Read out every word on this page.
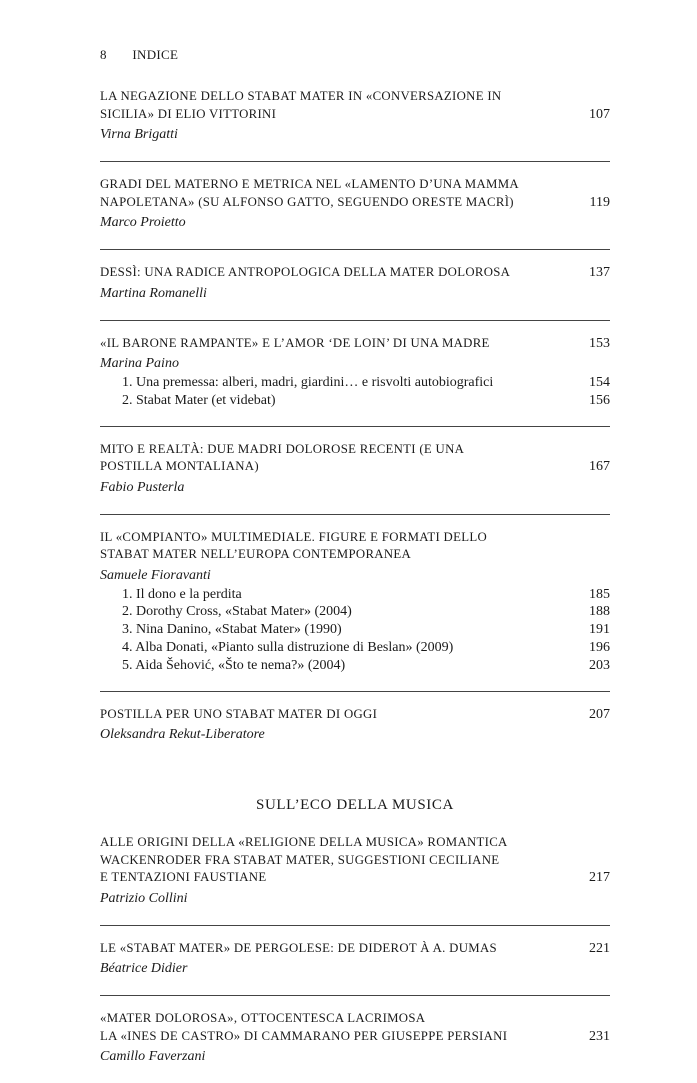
8 INDICE
LA NEGAZIONE DELLO STABAT MATER IN «CONVERSAZIONE IN
SICILIA» DI ELIO VITTORINI	107
Virna Brigatti
GRADI DEL MATERNO E METRICA NEL «LAMENTO D’UNA MAMMA
NAPOLETANA» (SU ALFONSO GATTO, SEGUENDO ORESTE MACRÌ)	119
Marco Proietto
DESSÌ: UNA RADICE ANTROPOLOGICA DELLA MATER DOLOROSA	137
Martina Romanelli
«IL BARONE RAMPANTE» E L’AMOR ‘DE LOIN’ DI UNA MADRE	153
Marina Paino
1. Una premessa: alberi, madri, giardini… e risvolti autobiografici	154
2. Stabat Mater (et videbat)	156
MITO E REALTÀ: DUE MADRI DOLOROSE RECENTI (E UNA
POSTILLA MONTALIANA)	167
Fabio Pusterla
IL «COMPIANTO» MULTIMEDIALE. FIGURE E FORMATI DELLO
STABAT MATER NELL’EUROPA CONTEMPORANEA
Samuele Fioravanti
1. Il dono e la perdita	185
2. Dorothy Cross, «Stabat Mater» (2004)	188
3. Nina Danino, «Stabat Mater» (1990)	191
4. Alba Donati, «Pianto sulla distruzione di Beslan» (2009)	196
5. Aida Šehović, «Što te nema?» (2004)	203
POSTILLA PER UNO STABAT MATER DI OGGI	207
Oleksandra Rekut-Liberatore
SULL’ECO DELLA MUSICA
ALLE ORIGINI DELLA «RELIGIONE DELLA MUSICA» ROMANTICA
WACKENRODER FRA STABAT MATER, SUGGESTIONI CECILIANE
E TENTAZIONI FAUSTIANE	217
Patrizio Collini
LE «STABAT MATER» DE PERGOLESE: DE DIDEROT À A. DUMAS	221
Béatrice Didier
«MATER DOLOROSA», OTTOCENTESCA LACRIMOSA
LA «INES DE CASTRO» DI CAMMARANO PER GIUSEPPE PERSIANI	231
Camillo Faverzani
